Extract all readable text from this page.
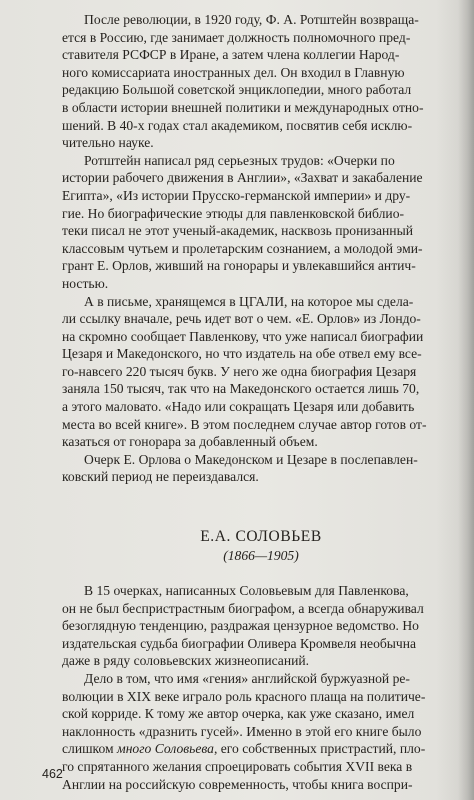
После революции, в 1920 году, Ф. А. Ротштейн возвраща-
ется в Россию, где занимает должность полномочного пред-
ставителя РСФСР в Иране, а затем члена коллегии Народ-
ного комиссариата иностранных дел. Он входил в Главную
редакцию Большой советской энциклопедии, много работал
в области истории внешней политики и международных отно-
шений. В 40-х годах стал академиком, посвятив себя исклю-
чительно науке.
Ротштейн написал ряд серьезных трудов: «Очерки по
истории рабочего движения в Англии», «Захват и закабаление
Египта», «Из истории Прусско-германской империи» и дру-
гие. Но биографические этюды для павленковской библио-
теки писал не этот ученый-академик, насквозь пронизанный
классовым чутьем и пролетарским сознанием, а молодой эми-
грант Е. Орлов, живший на гонорары и увлекавшийся антич-
ностью.
А в письме, хранящемся в ЦГАЛИ, на которое мы сдела-
ли ссылку вначале, речь идет вот о чем. «Е. Орлов» из Лондо-
на скромно сообщает Павленкову, что уже написал биографии
Цезаря и Македонского, но что издатель на обе отвел ему все-
го-навсего 220 тысяч букв. У него же одна биография Цезаря
заняла 150 тысяч, так что на Македонского остается лишь 70,
а этого маловато. «Надо или сокращать Цезаря или добавить
места во всей книге». В этом последнем случае автор готов от-
казаться от гонорара за добавленный объем.
Очерк Е. Орлова о Македонском и Цезаре в послепавлен-
ковский период не переиздавался.
Е.А. СОЛОВЬЕВ
(1866—1905)
В 15 очерках, написанных Соловьевым для Павленкова,
он не был беспристрастным биографом, а всегда обнаруживал
безоглядную тенденцию, раздражая цензурное ведомство. Но
издательская судьба биографии Оливера Кромвеля необычна
даже в ряду соловьевских жизнеописаний.
Дело в том, что имя «гения» английской буржуазной ре-
волюции в XIX веке играло роль красного плаща на политиче-
ской корриде. К тому же автор очерка, как уже сказано, имел
наклонность «дразнить гусей». Именно в этой его книге было
слишком много Соловьева, его собственных пристрастий, пло-
го спрятанного желания спроецировать события XVII века в
Англии на российскую современность, чтобы книга воспри-
462
